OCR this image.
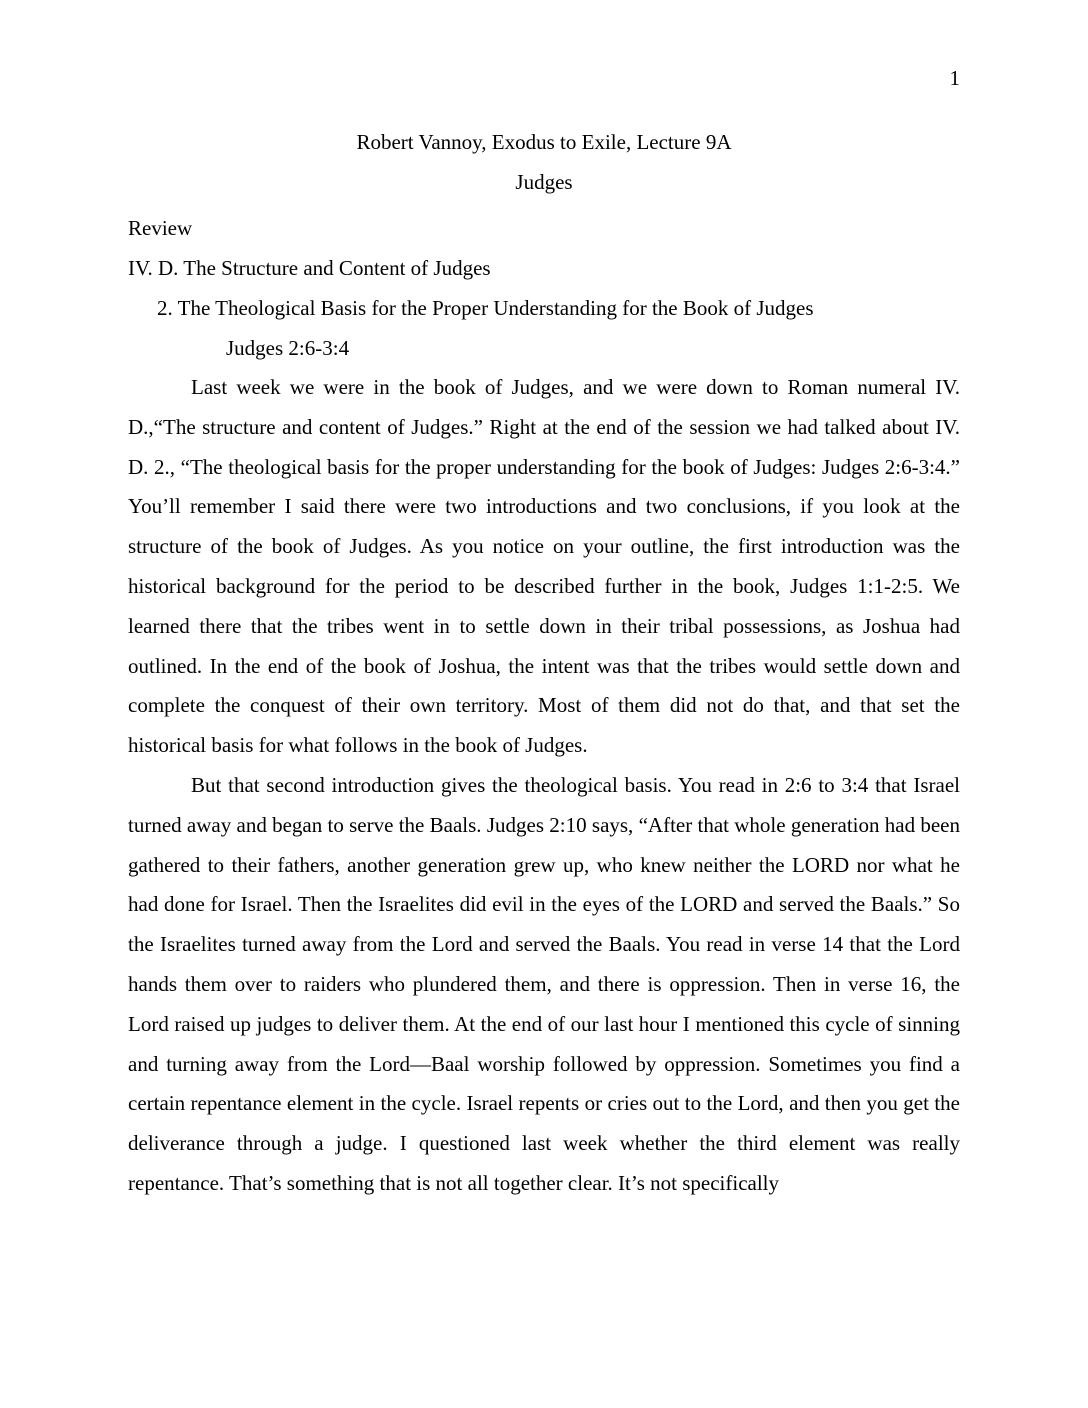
1
Robert Vannoy, Exodus to Exile, Lecture 9A
Judges
Review
IV. D. The Structure and Content of Judges
2. The Theological Basis for the Proper Understanding for the Book of Judges
Judges 2:6-3:4

Last week we were in the book of Judges, and we were down to Roman numeral IV. D.,“The structure and content of Judges.” Right at the end of the session we had talked about IV. D. 2., “The theological basis for the proper understanding for the book of Judges: Judges 2:6-3:4.” You’ll remember I said there were two introductions and two conclusions, if you look at the structure of the book of Judges. As you notice on your outline, the first introduction was the historical background for the period to be described further in the book, Judges 1:1-2:5. We learned there that the tribes went in to settle down in their tribal possessions, as Joshua had outlined. In the end of the book of Joshua, the intent was that the tribes would settle down and complete the conquest of their own territory. Most of them did not do that, and that set the historical basis for what follows in the book of Judges.

But that second introduction gives the theological basis. You read in 2:6 to 3:4 that Israel turned away and began to serve the Baals. Judges 2:10 says, “After that whole generation had been gathered to their fathers, another generation grew up, who knew neither the LORD nor what he had done for Israel. Then the Israelites did evil in the eyes of the LORD and served the Baals.” So the Israelites turned away from the Lord and served the Baals. You read in verse 14 that the Lord hands them over to raiders who plundered them, and there is oppression. Then in verse 16, the Lord raised up judges to deliver them. At the end of our last hour I mentioned this cycle of sinning and turning away from the Lord—Baal worship followed by oppression. Sometimes you find a certain repentance element in the cycle. Israel repents or cries out to the Lord, and then you get the deliverance through a judge. I questioned last week whether the third element was really repentance. That’s something that is not all together clear. It’s not specifically
